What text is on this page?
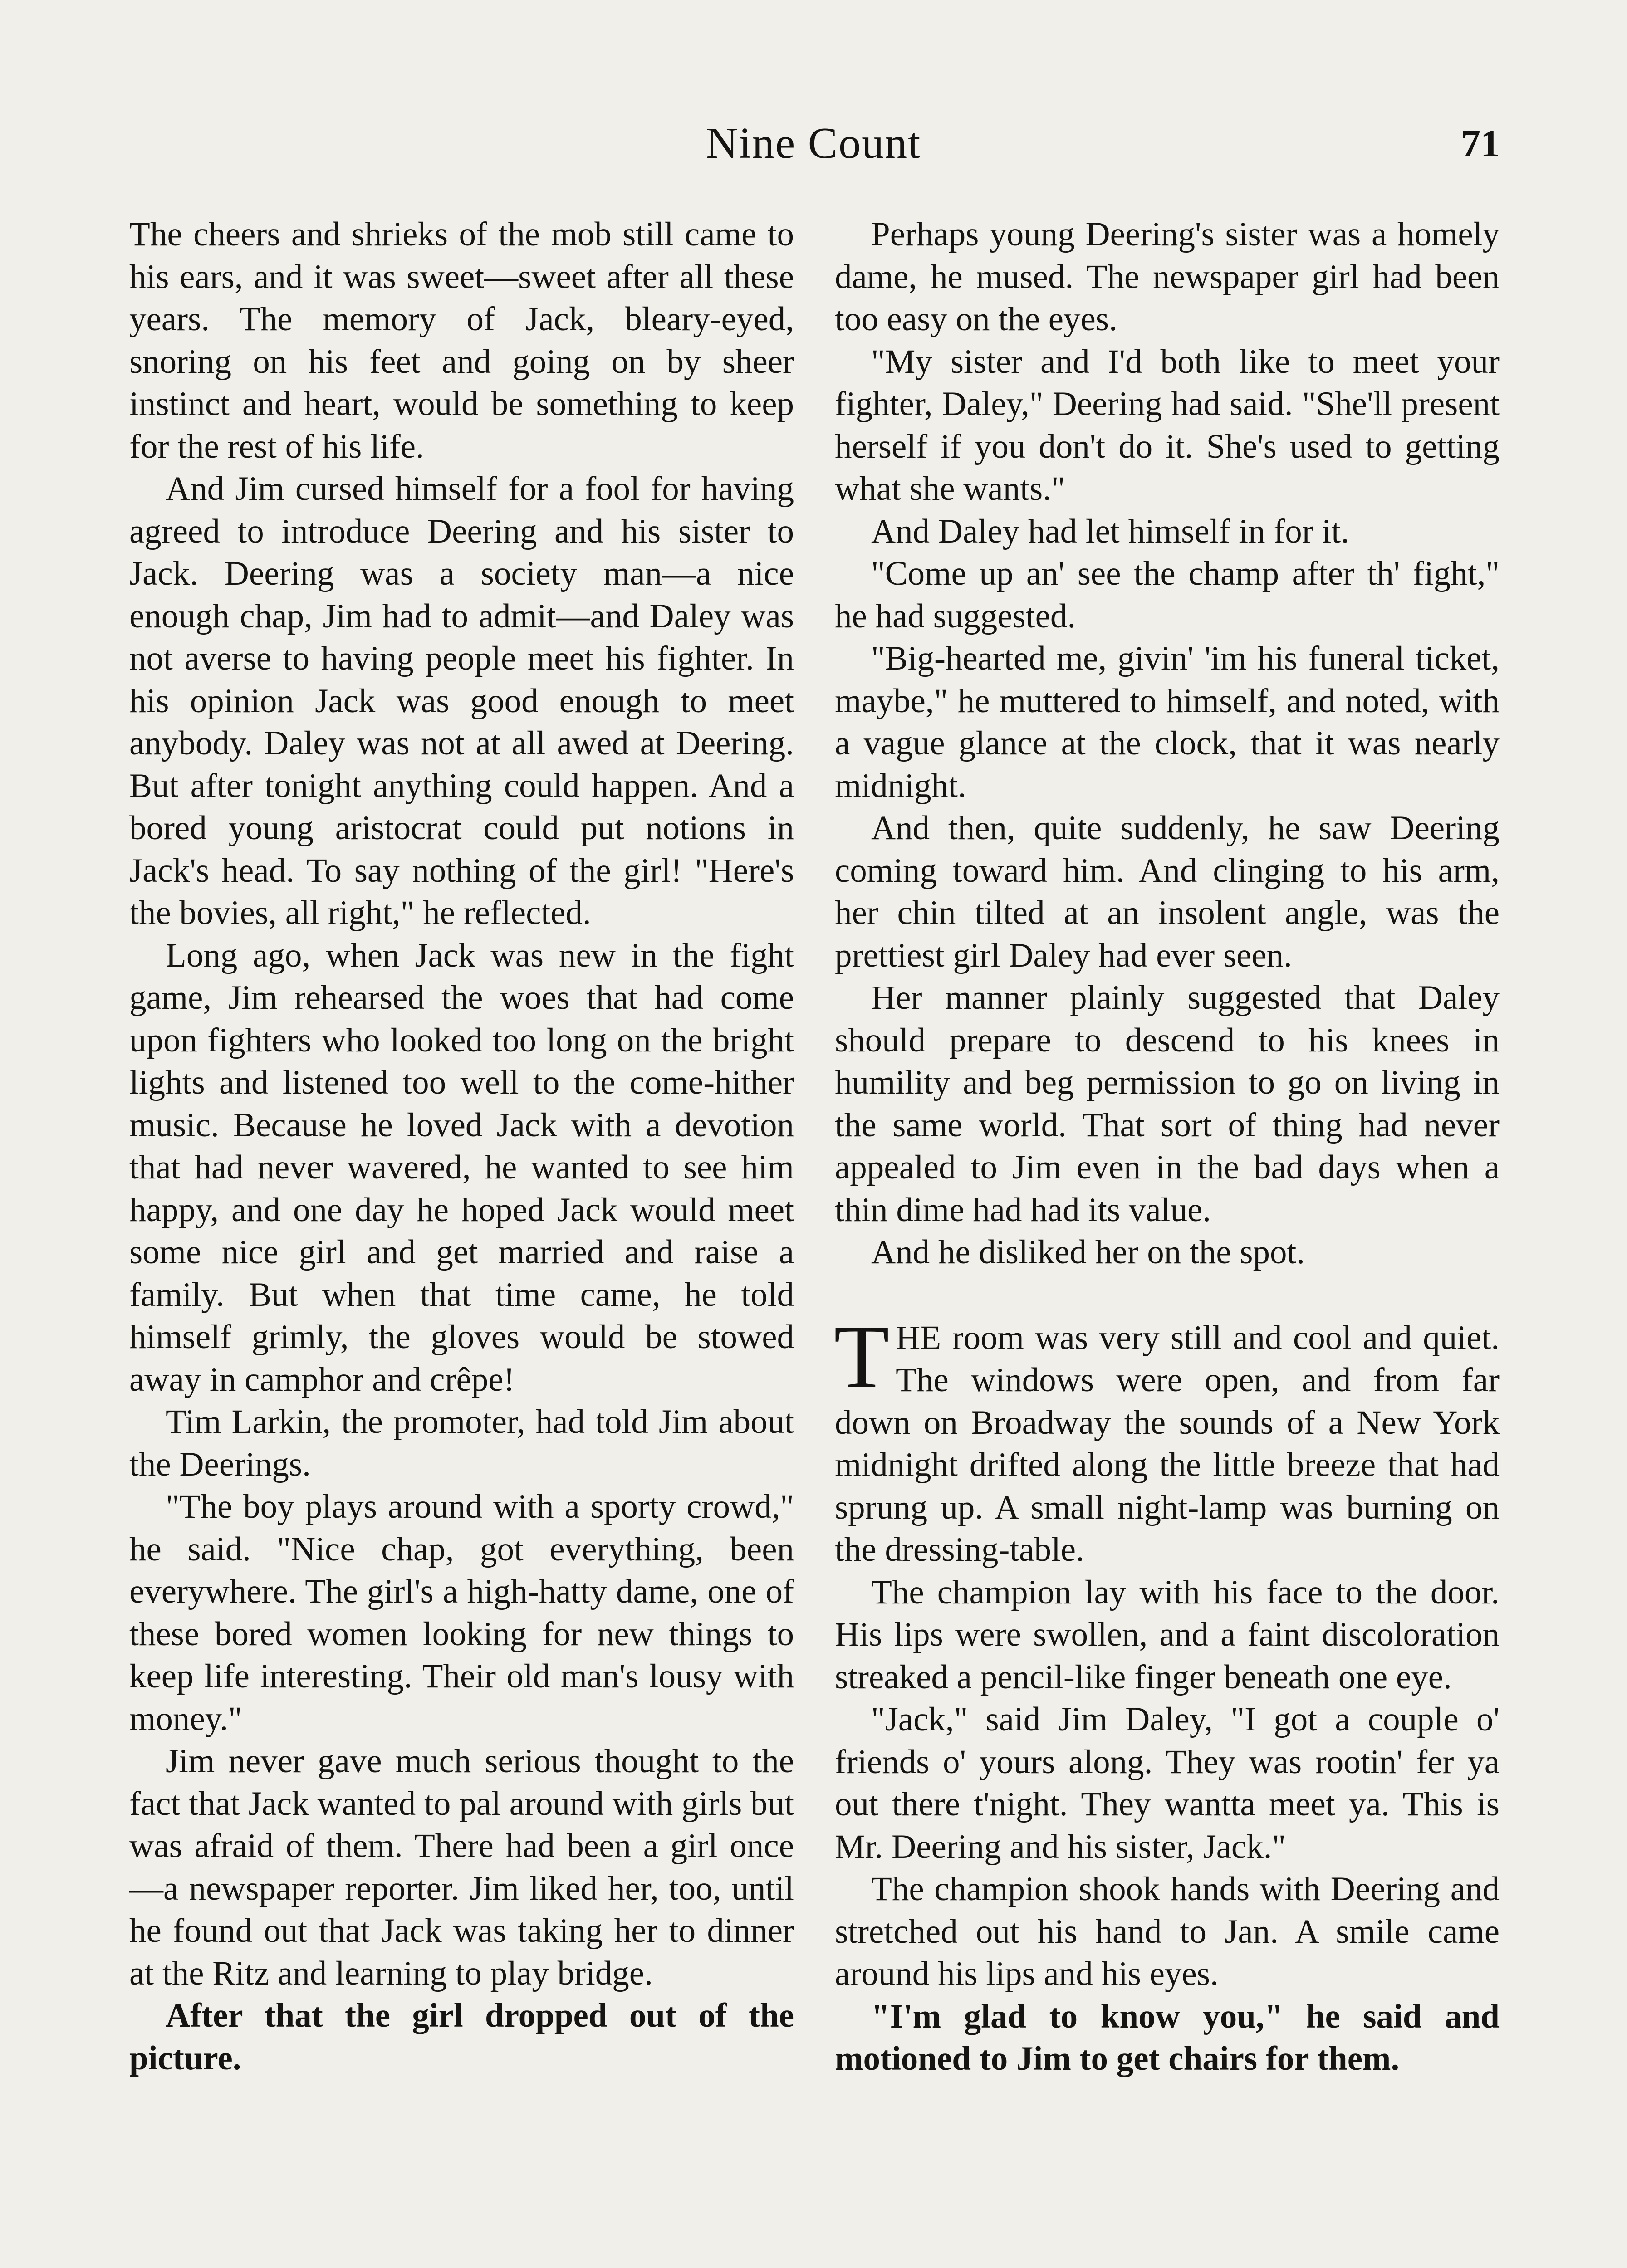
Nine Count	71

The cheers and shrieks of the mob still came to his ears, and it was sweet—sweet after all these years. The memory of Jack, bleary-eyed, snoring on his feet and going on by sheer instinct and heart, would be something to keep for the rest of his life.

And Jim cursed himself for a fool for having agreed to introduce Deering and his sister to Jack. Deering was a society man—a nice enough chap, Jim had to admit—and Daley was not averse to having people meet his fighter. In his opinion Jack was good enough to meet anybody. Daley was not at all awed at Deering. But after tonight anything could happen. And a bored young aristocrat could put notions in Jack's head. To say nothing of the girl! "Here's the bovies, all right," he reflected.

Long ago, when Jack was new in the fight game, Jim rehearsed the woes that had come upon fighters who looked too long on the bright lights and listened too well to the come-hither music. Because he loved Jack with a devotion that had never wavered, he wanted to see him happy, and one day he hoped Jack would meet some nice girl and get married and raise a family. But when that time came, he told himself grimly, the gloves would be stowed away in camphor and crêpe!

Tim Larkin, the promoter, had told Jim about the Deerings.

"The boy plays around with a sporty crowd," he said. "Nice chap, got everything, been everywhere. The girl's a high-hatty dame, one of these bored women looking for new things to keep life interesting. Their old man's lousy with money."

Jim never gave much serious thought to the fact that Jack wanted to pal around with girls but was afraid of them. There had been a girl once—a newspaper reporter. Jim liked her, too, until he found out that Jack was taking her to dinner at the Ritz and learning to play bridge.

After that the girl dropped out of the picture.

Perhaps young Deering's sister was a homely dame, he mused. The newspaper girl had been too easy on the eyes.

"My sister and I'd both like to meet your fighter, Daley," Deering had said. "She'll present herself if you don't do it. She's used to getting what she wants."

And Daley had let himself in for it.

"Come up an' see the champ after th' fight," he had suggested.

"Big-hearted me, givin' 'im his funeral ticket, maybe," he muttered to himself, and noted, with a vague glance at the clock, that it was nearly midnight.

And then, quite suddenly, he saw Deering coming toward him. And clinging to his arm, her chin tilted at an insolent angle, was the prettiest girl Daley had ever seen.

Her manner plainly suggested that Daley should prepare to descend to his knees in humility and beg permission to go on living in the same world. That sort of thing had never appealed to Jim even in the bad days when a thin dime had had its value.

And he disliked her on the spot.

THE room was very still and cool and quiet. The windows were open, and from far down on Broadway the sounds of a New York midnight drifted along the little breeze that had sprung up. A small night-lamp was burning on the dressing-table.

The champion lay with his face to the door. His lips were swollen, and a faint discoloration streaked a pencil-like finger beneath one eye.

"Jack," said Jim Daley, "I got a couple o' friends o' yours along. They was rootin' fer ya out there t'night. They wantta meet ya. This is Mr. Deering and his sister, Jack."

The champion shook hands with Deering and stretched out his hand to Jan. A smile came around his lips and his eyes.

"I'm glad to know you," he said and motioned to Jim to get chairs for them.
